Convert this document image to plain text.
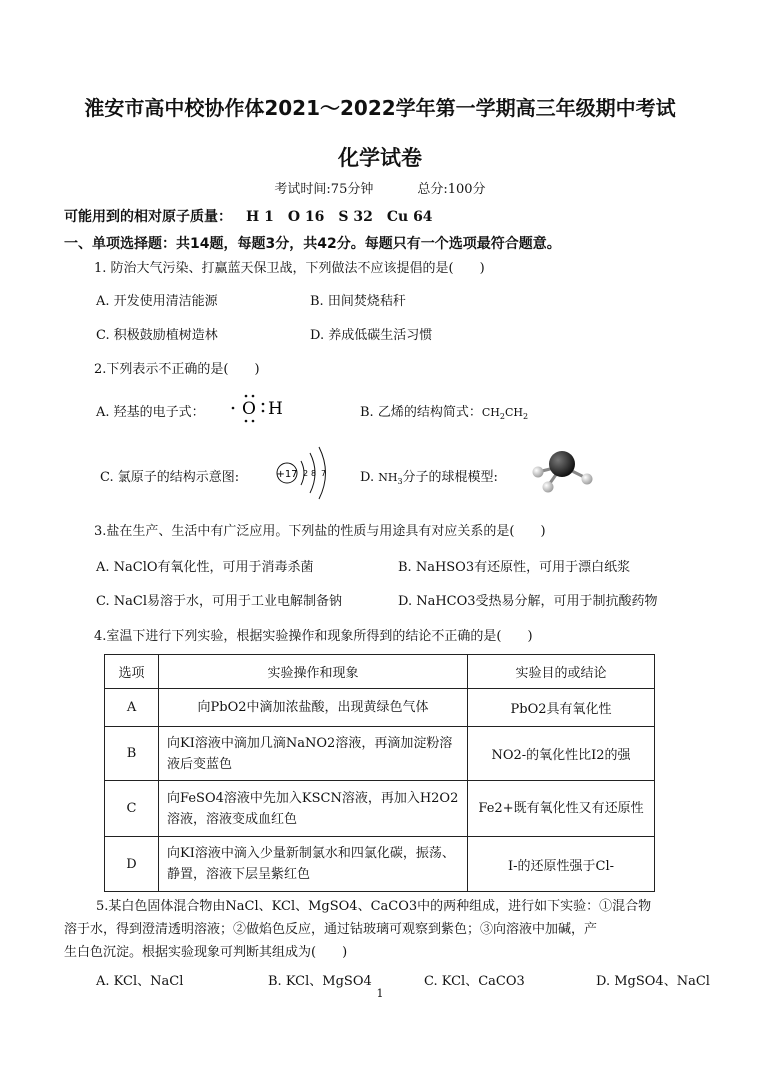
淮安市高中校协作体2021～2022学年第一学期高三年级期中考试
化学试卷
考试时间:75分钟	总分:100分
可能用到的相对原子质量： H 1 O 16 S 32 Cu 64
一、单项选择题：共14题，每题3分，共42分。每题只有一个选项最符合题意。
1. 防治大气污染、打赢蓝天保卫战，下列做法不应该提倡的是(　　)
A. 开发使用清洁能源	B. 田间焚烧秸秆
C. 积极鼓励植树造林	D. 养成低碳生活习惯
2.下列表示不正确的是(　　)
A. 羟基的电子式： O H	B. 乙烯的结构简式：$CH_2CH_2$
C. 氯原子的结构示意图:	+17 2 8 7	D. $NH_3$分子的球棍模型:
3.盐在生产、生活中有广泛应用。下列盐的性质与用途具有对应关系的是(　　)
A. NaClO有氧化性，可用于消毒杀菌	B. NaHSO3有还原性，可用于漂白纸浆
C. NaCl易溶于水，可用于工业电解制备钠	D. NaHCO3受热易分解，可用于制抗酸药物
4.室温下进行下列实验，根据实验操作和现象所得到的结论不正确的是(　　)
选项	实验操作和现象	实验目的或结论
A	向PbO2中滴加浓盐酸，出现黄绿色气体	PbO2具有氧化性
B	向KI溶液中滴加几滴NaNO2溶液，再滴加淀粉溶液后变蓝色	NO2-的氧化性比I2的强
C	向FeSO4溶液中先加入KSCN溶液，再加入H2O2溶液，溶液变成血红色	Fe2+既有氧化性又有还原性
D	向KI溶液中滴入少量新制氯水和四氯化碳，振荡、静置，溶液下层呈紫红色	I-的还原性强于Cl-
5.某白色固体混合物由NaCl、KCl、MgSO4、CaCO3中的两种组成，进行如下实验：①混合物
溶于水，得到澄清透明溶液；②做焰色反应，通过钴玻璃可观察到紫色；③向溶液中加碱，产
生白色沉淀。根据实验现象可判断其组成为(　　)
A. KCl、NaCl	B. KCl、MgSO4	C. KCl、CaCO3	D. MgSO4、NaCl
1
